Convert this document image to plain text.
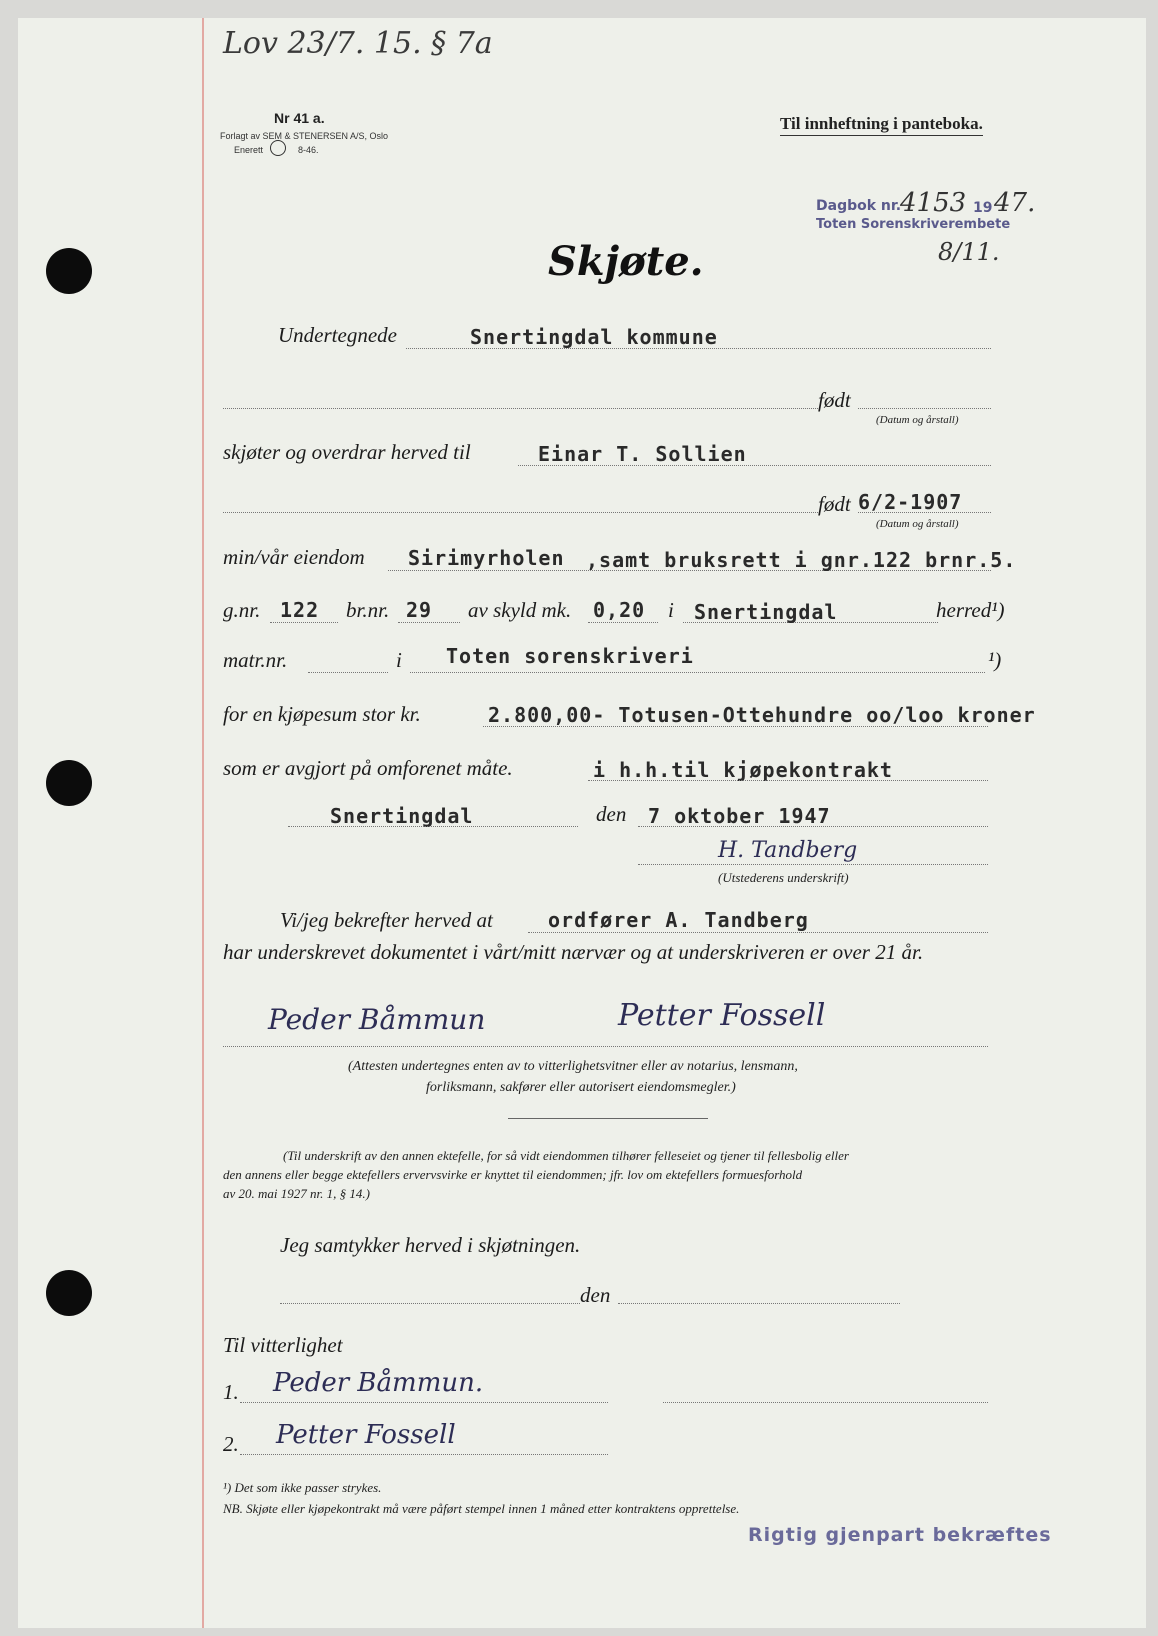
Lov 23/7. 15. § 7a
Nr 41 a.
Forlagt av SEM & STENERSEN A/S, Oslo
Enerett	8-46.
Til innheftning i panteboka.
Dagbok nr.
4153 19 47.
Toten Sorenskriverembete
8/11.
Skjøte.
Undertegnede	Snertingdal kommune
født
(Datum og årstall)
skjøter og overdrar herved til	Einar T. Sollien
født 6/2-1907
(Datum og årstall)
min/vår eiendom Sirimyrholen ,samt bruksrett i gnr.122 brnr.5.
g.nr. 122 br.nr. 29 av skyld mk. 0,20 i Snertingdal	herred¹)
matr.nr.	i Toten sorenskriveri	¹)
for en kjøpesum stor kr.	2.800,00- Totusen-Ottehundre oo/loo kroner
som er avgjort på omforenet måte.	i h.h.til kjøpekontrakt
Snertingdal	den 7 oktober 1947
H. Tandberg
(Utstederens underskrift)
Vi/jeg bekrefter herved at	ordfører A. Tandberg
har underskrevet dokumentet i vårt/mitt nærvær og at underskriveren er over 21 år.
Peder Båmmun	Petter Fossell
(Attesten undertegnes enten av to vitterlighetsvitner eller av notarius, lensmann,
forliksmann, sakfører eller autorisert eiendomsmegler.)
(Til underskrift av den annen ektefelle, for så vidt eiendommen tilhører felleseiet og tjener til fellesbolig eller
den annens eller begge ektefellers ervervsvirke er knyttet til eiendommen; jfr. lov om ektefellers formuesforhold
av 20. mai 1927 nr. 1, § 14.)
Jeg samtykker herved i skjøtningen.
den
Til vitterlighet
1. Peder Båmmun.
2. Petter Fossell
¹) Det som ikke passer strykes.
NB. Skjøte eller kjøpekontrakt må være påført stempel innen 1 måned etter kontraktens opprettelse.
Rigtig gjenpart bekræftes
